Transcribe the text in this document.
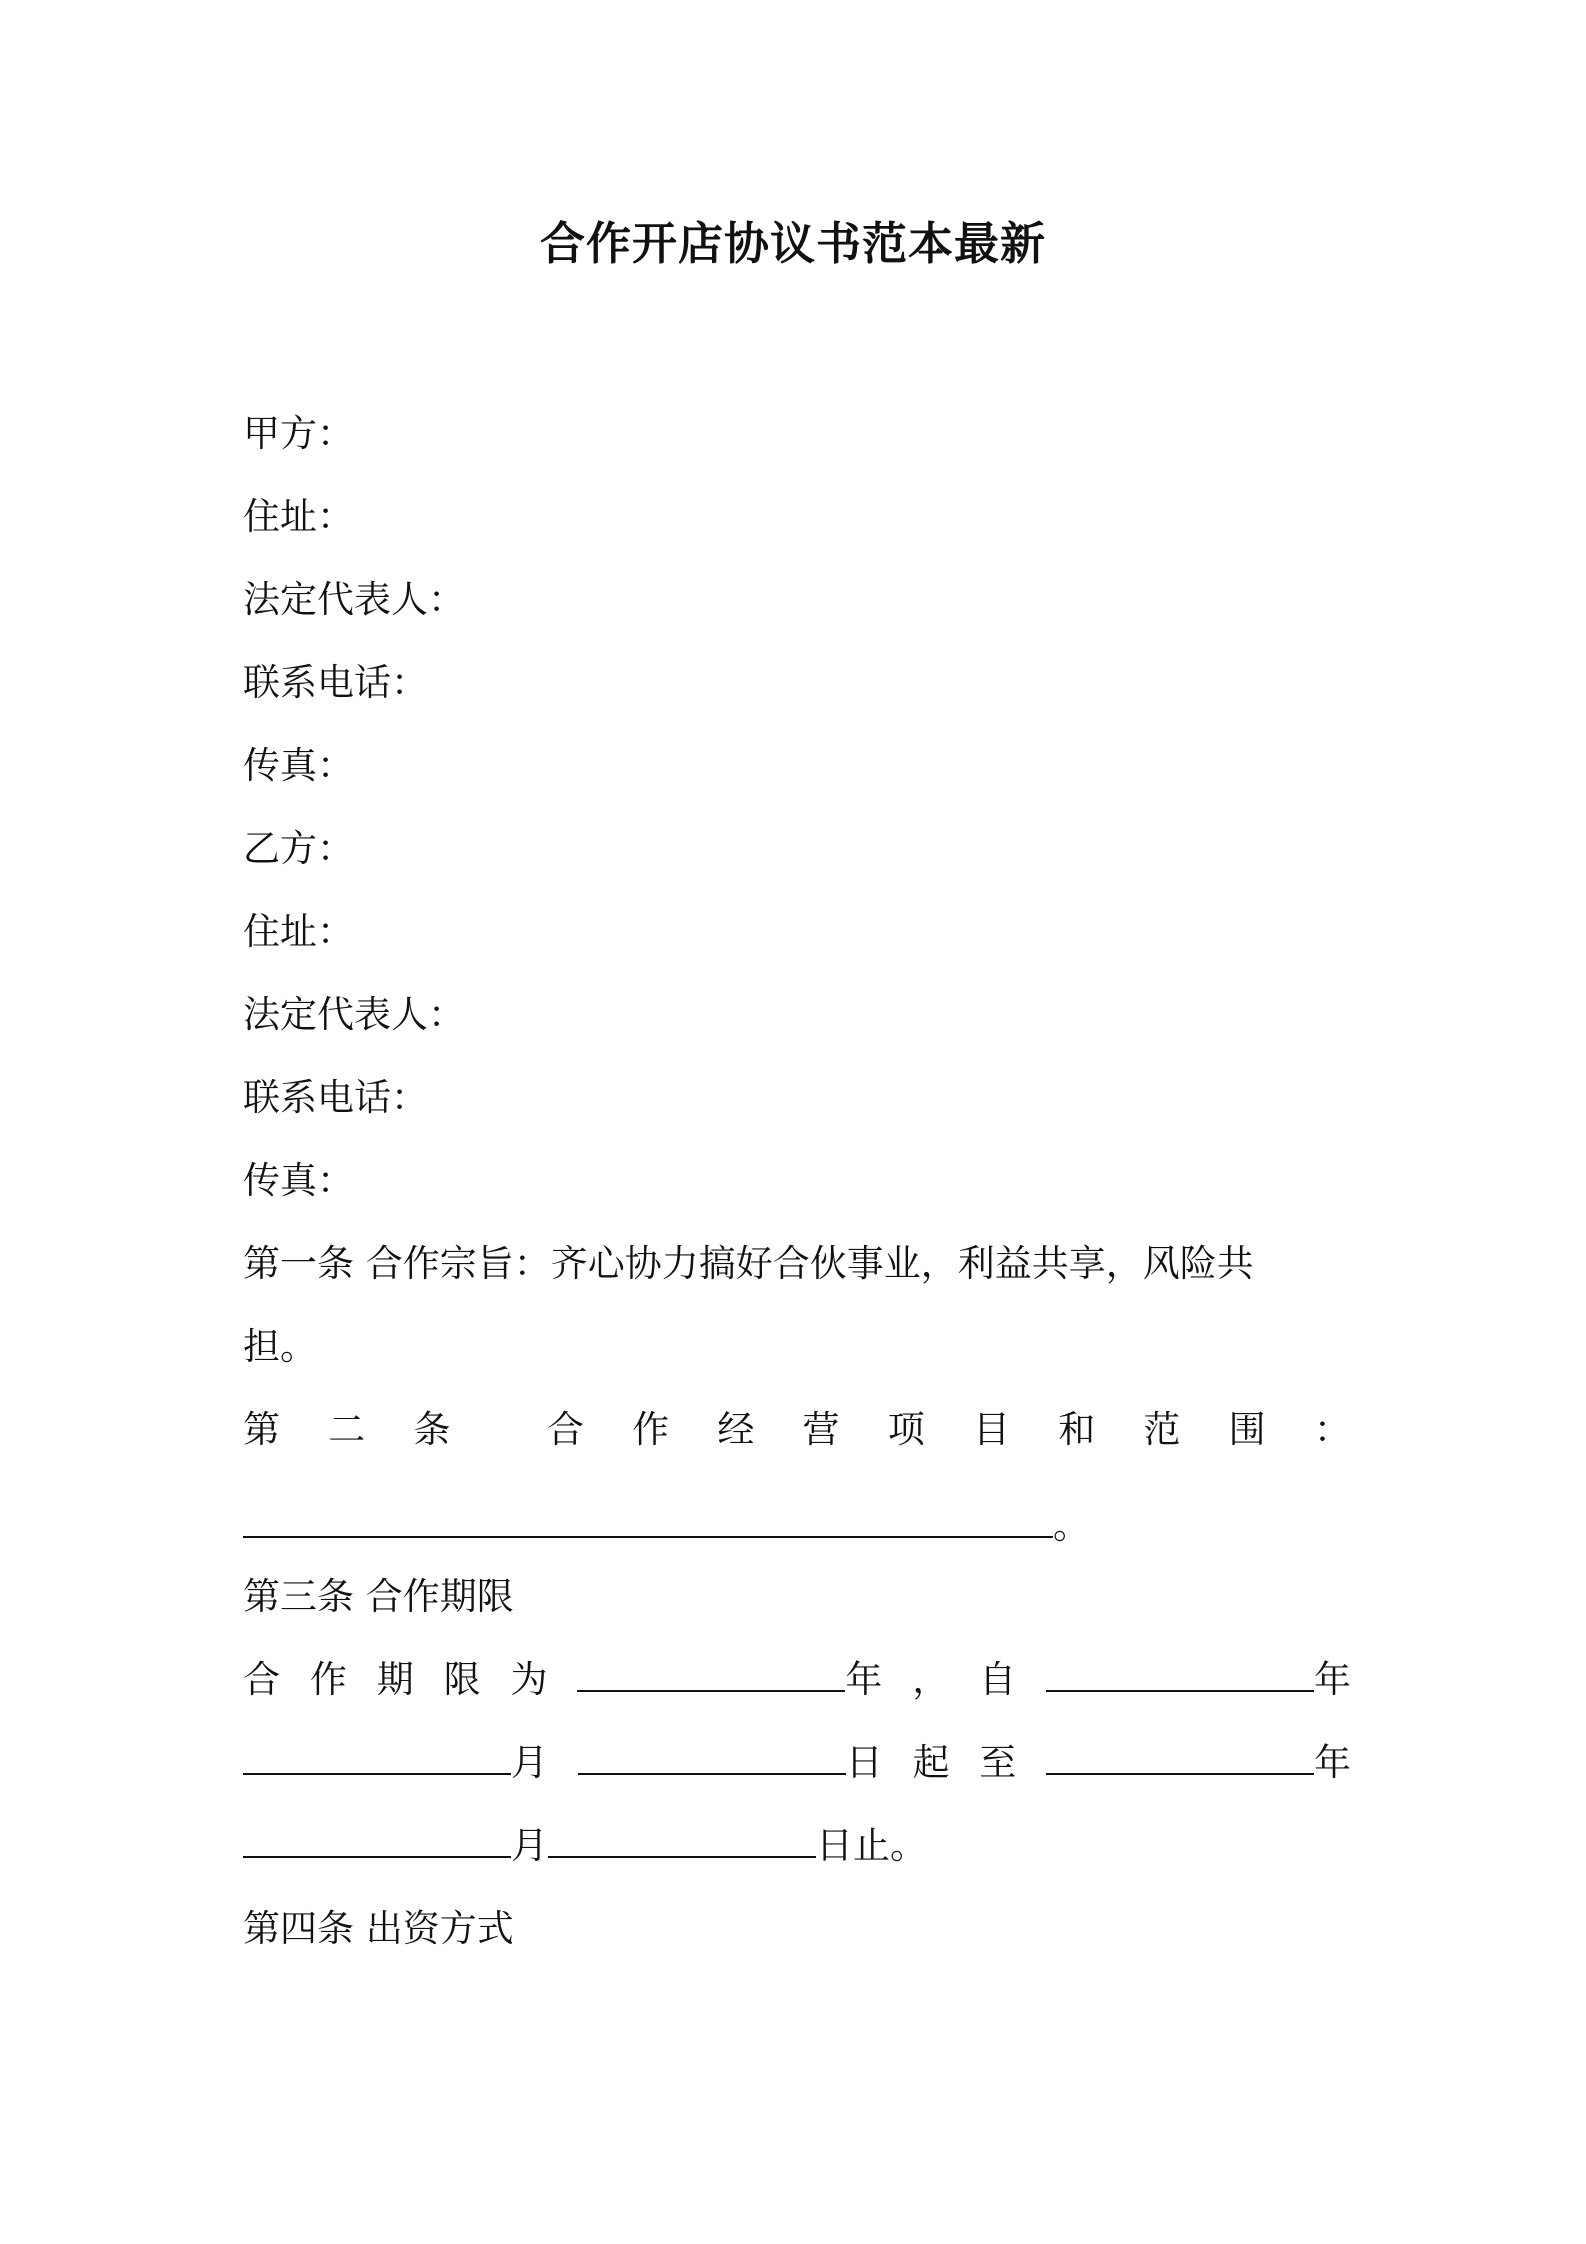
合作开店协议书范本最新
甲方：
住址：
法定代表人：
联系电话：
传真：
乙方：
住址：
法定代表人：
联系电话：
传真：
第一条 合作宗旨：齐心协力搞好合伙事业，利益共享，风险共
担。
第 二 条	合 作 经 营 项 目 和 范 围 ：
。
第三条 合作期限
合 作 期 限 为	年 ， 自	年
月	日 起 至	年
月	日止。
第四条 出资方式
